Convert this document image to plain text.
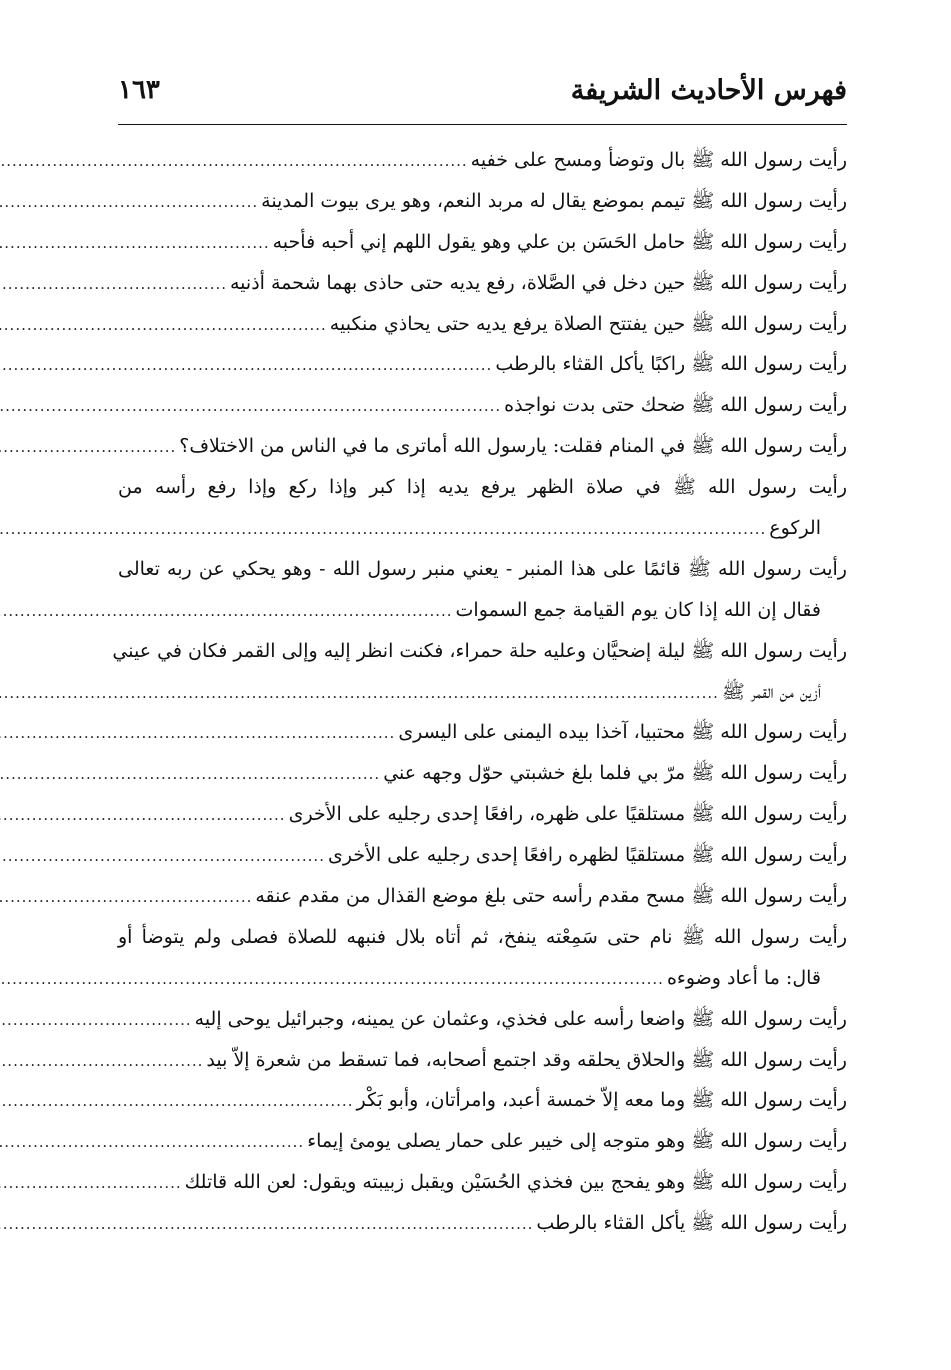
فهرس الأحاديث الشريفة
١٦٣
رأيت رسول الله ﷺ بال وتوضأ ومسح على خفيه
.....
رأيت رسول الله ﷺ تيمم بموضع يقال له مربد النعم، وهو يرى بيوت المدينة
.....
رأيت رسول الله ﷺ حامل الحَسَن بن علي وهو يقول اللهم إني أحبه فأحبه
.....
رأيت رسول الله ﷺ حين دخل في الصَّلاة، رفع يديه حتى حاذى بهما شحمة أذنيه
.....
رأيت رسول الله ﷺ حين يفتتح الصلاة يرفع يديه حتى يحاذي منكبيه
.....
رأيت رسول الله ﷺ راكبًا يأكل القثاء بالرطب
.....
رأيت رسول الله ﷺ ضحك حتى بدت نواجذه
.....
رأيت رسول الله ﷺ في المنام فقلت: يارسول الله أماترى ما في الناس من الاختلاف؟
.....
رأيت رسول الله ﷺ في صلاة الظهر يرفع يديه إذا كبر وإذا ركع وإذا رفع رأسه من
الركوع
.....
رأيت رسول الله ﷺ قائمًا على هذا المنبر - يعني منبر رسول الله - وهو يحكي عن ربه تعالى
فقال إن الله إذا كان يوم القيامة جمع السموات
.....
رأيت رسول الله ﷺ ليلة إضحيَّان وعليه حلة حمراء، فكنت انظر إليه وإلى القمر فكان في عيني
أزين من القمر ﷺ
.....
رأيت رسول الله ﷺ محتبيا، آخذا بيده اليمنى على اليسرى
.....
رأيت رسول الله ﷺ مرّ بي فلما بلغ خشبتي حوّل وجهه عني
.....
رأيت رسول الله ﷺ مستلقيًا على ظهره، رافعًا إحدى رجليه على الأخرى
.....
رأيت رسول الله ﷺ مستلقيًا لظهره رافعًا إحدى رجليه على الأخرى
.....
رأيت رسول الله ﷺ مسح مقدم رأسه حتى بلغ موضع القذال من مقدم عنقه
.....
رأيت رسول الله ﷺ نام حتى سَمِعْته ينفخ، ثم أتاه بلال فنبهه للصلاة فصلى ولم يتوضأ أو
قال: ما أعاد وضوءه
.....
رأيت رسول الله ﷺ واضعا رأسه على فخذي، وعثمان عن يمينه، وجبرائيل يوحى إليه
.....
رأيت رسول الله ﷺ والحلاق يحلقه وقد اجتمع أصحابه، فما تسقط من شعرة إلاّ بيد
.....
رأيت رسول الله ﷺ وما معه إلاّ خمسة أعبد، وامرأتان، وأبو بَكْر
.....
رأيت رسول الله ﷺ وهو متوجه إلى خيبر على حمار يصلى يومئ إيماء
.....
رأيت رسول الله ﷺ وهو يفحج بين فخذي الحُسَيْن ويقبل زبيبته ويقول: لعن الله قاتلك
.....
رأيت رسول الله ﷺ يأكل القثاء بالرطب
.....
